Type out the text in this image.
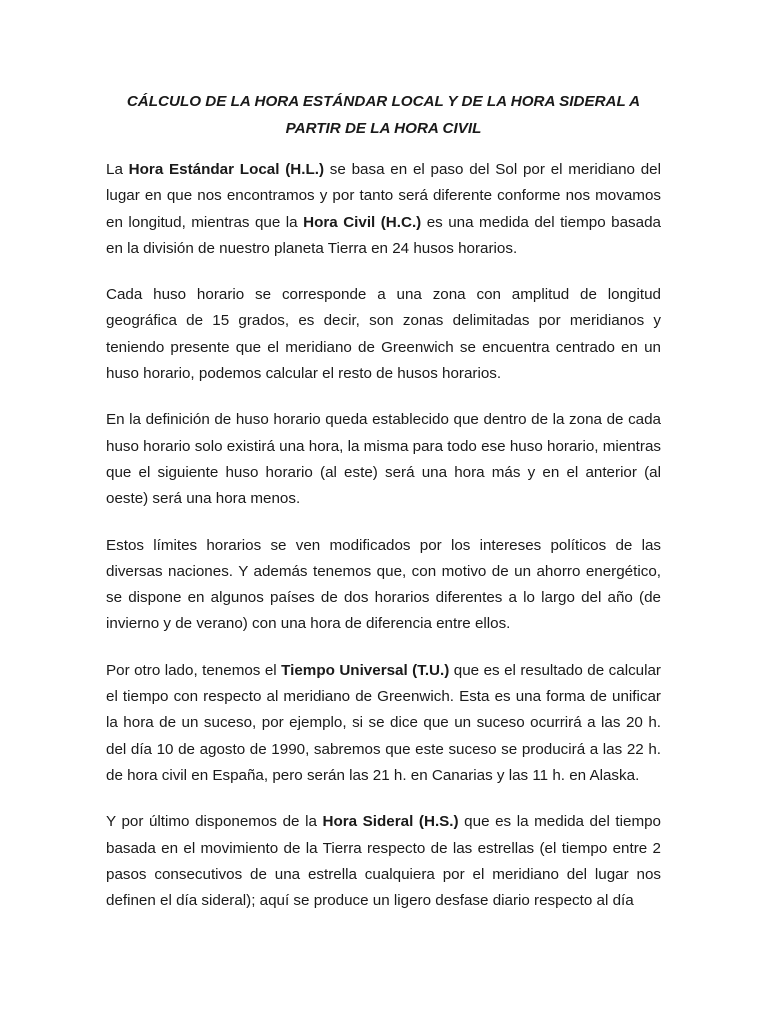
CÁLCULO DE LA HORA ESTÁNDAR LOCAL Y DE LA HORA SIDERAL A
PARTIR DE LA HORA CIVIL

La Hora Estándar Local (H.L.) se basa en el paso del Sol por el meridiano del lugar en que nos encontramos y por tanto será diferente conforme nos movamos en longitud, mientras que la Hora Civil (H.C.) es una medida del tiempo basada en la división de nuestro planeta Tierra en 24 husos horarios.

Cada huso horario se corresponde a una zona con amplitud de longitud geográfica de 15 grados, es decir, son zonas delimitadas por meridianos y teniendo presente que el meridiano de Greenwich se encuentra centrado en un huso horario, podemos calcular el resto de husos horarios.

En la definición de huso horario queda establecido que dentro de la zona de cada huso horario solo existirá una hora, la misma para todo ese huso horario, mientras que el siguiente huso horario (al este) será una hora más y en el anterior (al oeste) será una hora menos.

Estos límites horarios se ven modificados por los intereses políticos de las diversas naciones. Y además tenemos que, con motivo de un ahorro energético, se dispone en algunos países de dos horarios diferentes a lo largo del año (de invierno y de verano) con una hora de diferencia entre ellos.

Por otro lado, tenemos el Tiempo Universal (T.U.) que es el resultado de calcular el tiempo con respecto al meridiano de Greenwich. Esta es una forma de unificar la hora de un suceso, por ejemplo, si se dice que un suceso ocurrirá a las 20 h. del día 10 de agosto de 1990, sabremos que este suceso se producirá a las 22 h. de hora civil en España, pero serán las 21 h. en Canarias y las 11 h. en Alaska.

Y por último disponemos de la Hora Sideral (H.S.) que es la medida del tiempo basada en el movimiento de la Tierra respecto de las estrellas (el tiempo entre 2 pasos consecutivos de una estrella cualquiera por el meridiano del lugar nos definen el día sideral); aquí se produce un ligero desfase diario respecto al día
